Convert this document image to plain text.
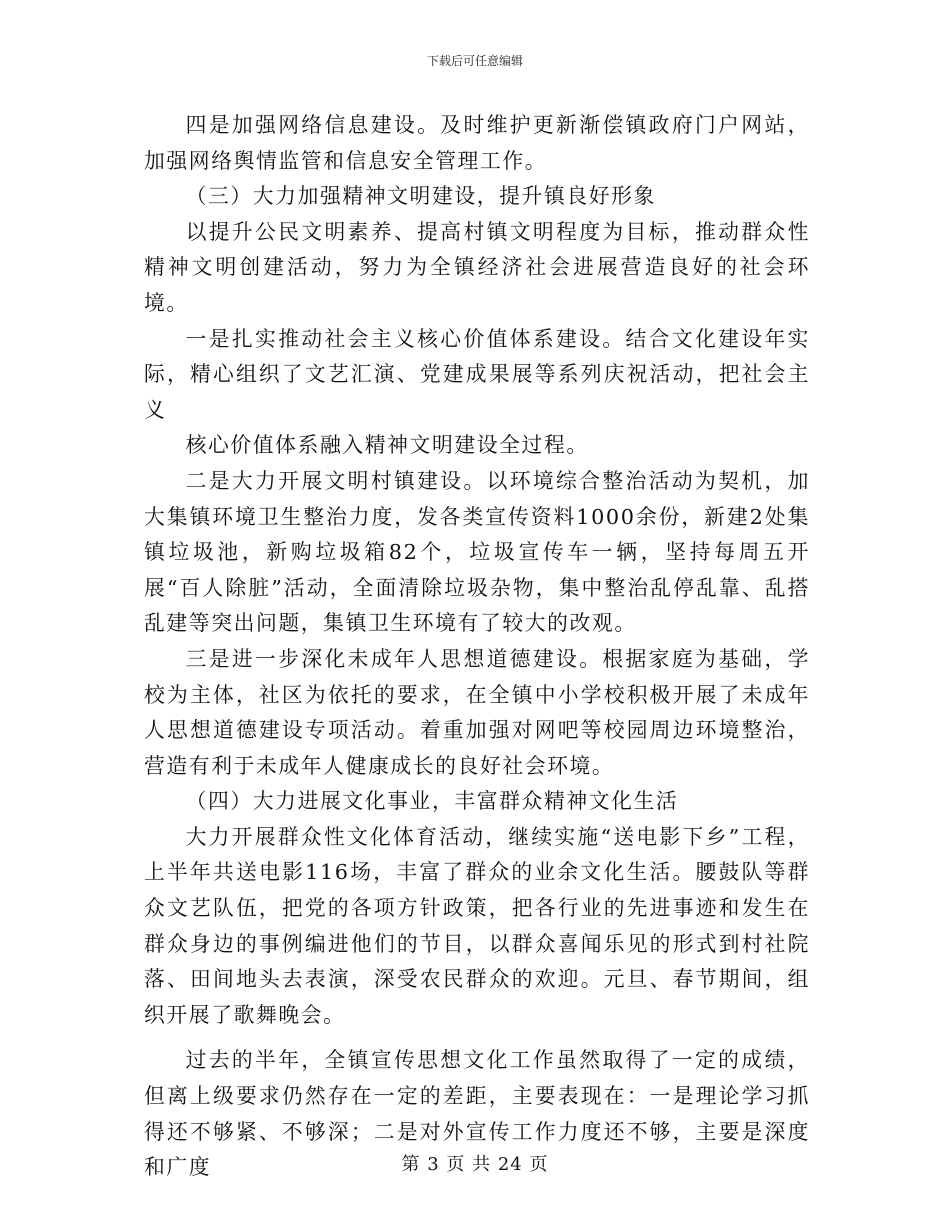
下载后可任意编辑

四是加强网络信息建设。及时维护更新渐偿镇政府门户网站，加强网络舆情监管和信息安全管理工作。

（三）大力加强精神文明建设，提升镇良好形象

以提升公民文明素养、提高村镇文明程度为目标，推动群众性精神文明创建活动，努力为全镇经济社会进展营造良好的社会环境。

一是扎实推动社会主义核心价值体系建设。结合文化建设年实际，精心组织了文艺汇演、党建成果展等系列庆祝活动，把社会主义

核心价值体系融入精神文明建设全过程。

二是大力开展文明村镇建设。以环境综合整治活动为契机，加大集镇环境卫生整治力度，发各类宣传资料1000余份，新建2处集镇垃圾池，新购垃圾箱82个，垃圾宣传车一辆，坚持每周五开展“百人除脏”活动，全面清除垃圾杂物，集中整治乱停乱靠、乱搭乱建等突出问题，集镇卫生环境有了较大的改观。

三是进一步深化未成年人思想道德建设。根据家庭为基础，学校为主体，社区为依托的要求，在全镇中小学校积极开展了未成年人思想道德建设专项活动。着重加强对网吧等校园周边环境整治，营造有利于未成年人健康成长的良好社会环境。

（四）大力进展文化事业，丰富群众精神文化生活

大力开展群众性文化体育活动，继续实施“送电影下乡”工程，上半年共送电影116场，丰富了群众的业余文化生活。腰鼓队等群众文艺队伍，把党的各项方针政策，把各行业的先进事迹和发生在群众身边的事例编进他们的节目，以群众喜闻乐见的形式到村社院落、田间地头去表演，深受农民群众的欢迎。元旦、春节期间，组织开展了歌舞晚会。

过去的半年，全镇宣传思想文化工作虽然取得了一定的成绩，但离上级要求仍然存在一定的差距，主要表现在：一是理论学习抓得还不够紧、不够深；二是对外宣传工作力度还不够，主要是深度和广度	第 3 页 共 24 页
